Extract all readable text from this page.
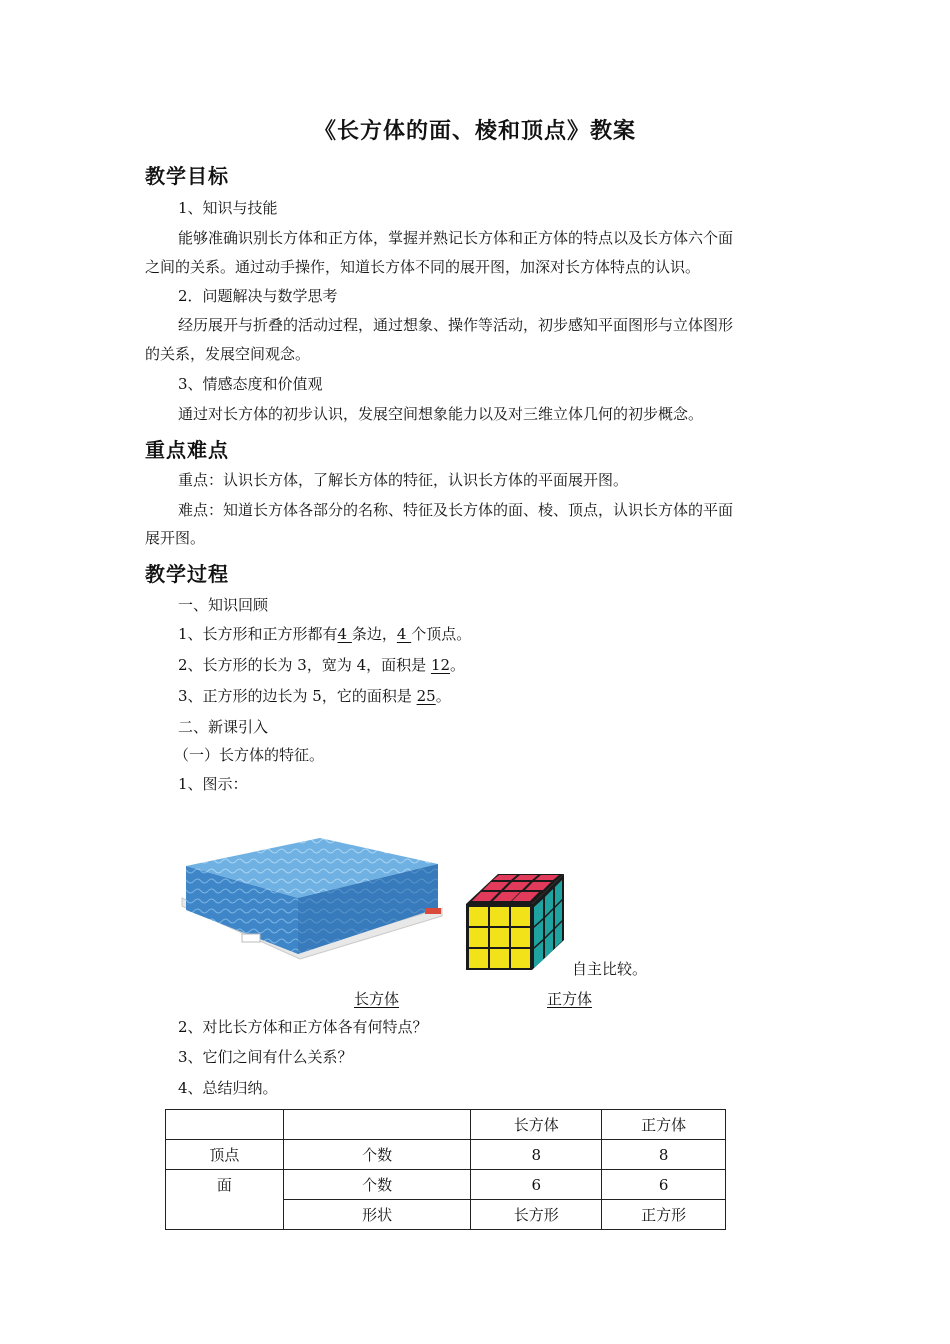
《长方体的面、棱和顶点》教案
教学目标
1、知识与技能
能够准确识别长方体和正方体，掌握并熟记长方体和正方体的特点以及长方体六个面
之间的关系。通过动手操作，知道长方体不同的展开图，加深对长方体特点的认识。
2．问题解决与数学思考
经历展开与折叠的活动过程，通过想象、操作等活动，初步感知平面图形与立体图形
的关系，发展空间观念。
3、情感态度和价值观
通过对长方体的初步认识，发展空间想象能力以及对三维立体几何的初步概念。
重点难点
重点：认识长方体，了解长方体的特征，认识长方体的平面展开图。
难点：知道长方体各部分的名称、特征及长方体的面、棱、顶点，认识长方体的平面
展开图。
教学过程
一、知识回顾
1、长方形和正方形都有4 条边，4 个顶点。
2、长方形的长为 3，宽为 4，面积是 12。
3、正方形的边长为 5，它的面积是 25。
二、新课引入
（一）长方体的特征。
1、图示：
自主比较。
长方体	正方体
2、对比长方体和正方体各有何特点？
3、它们之间有什么关系？
4、总结归纳。
		长方体	正方体
顶点	个数	8	8
面	个数	6	6
	形状	长方形	正方形
